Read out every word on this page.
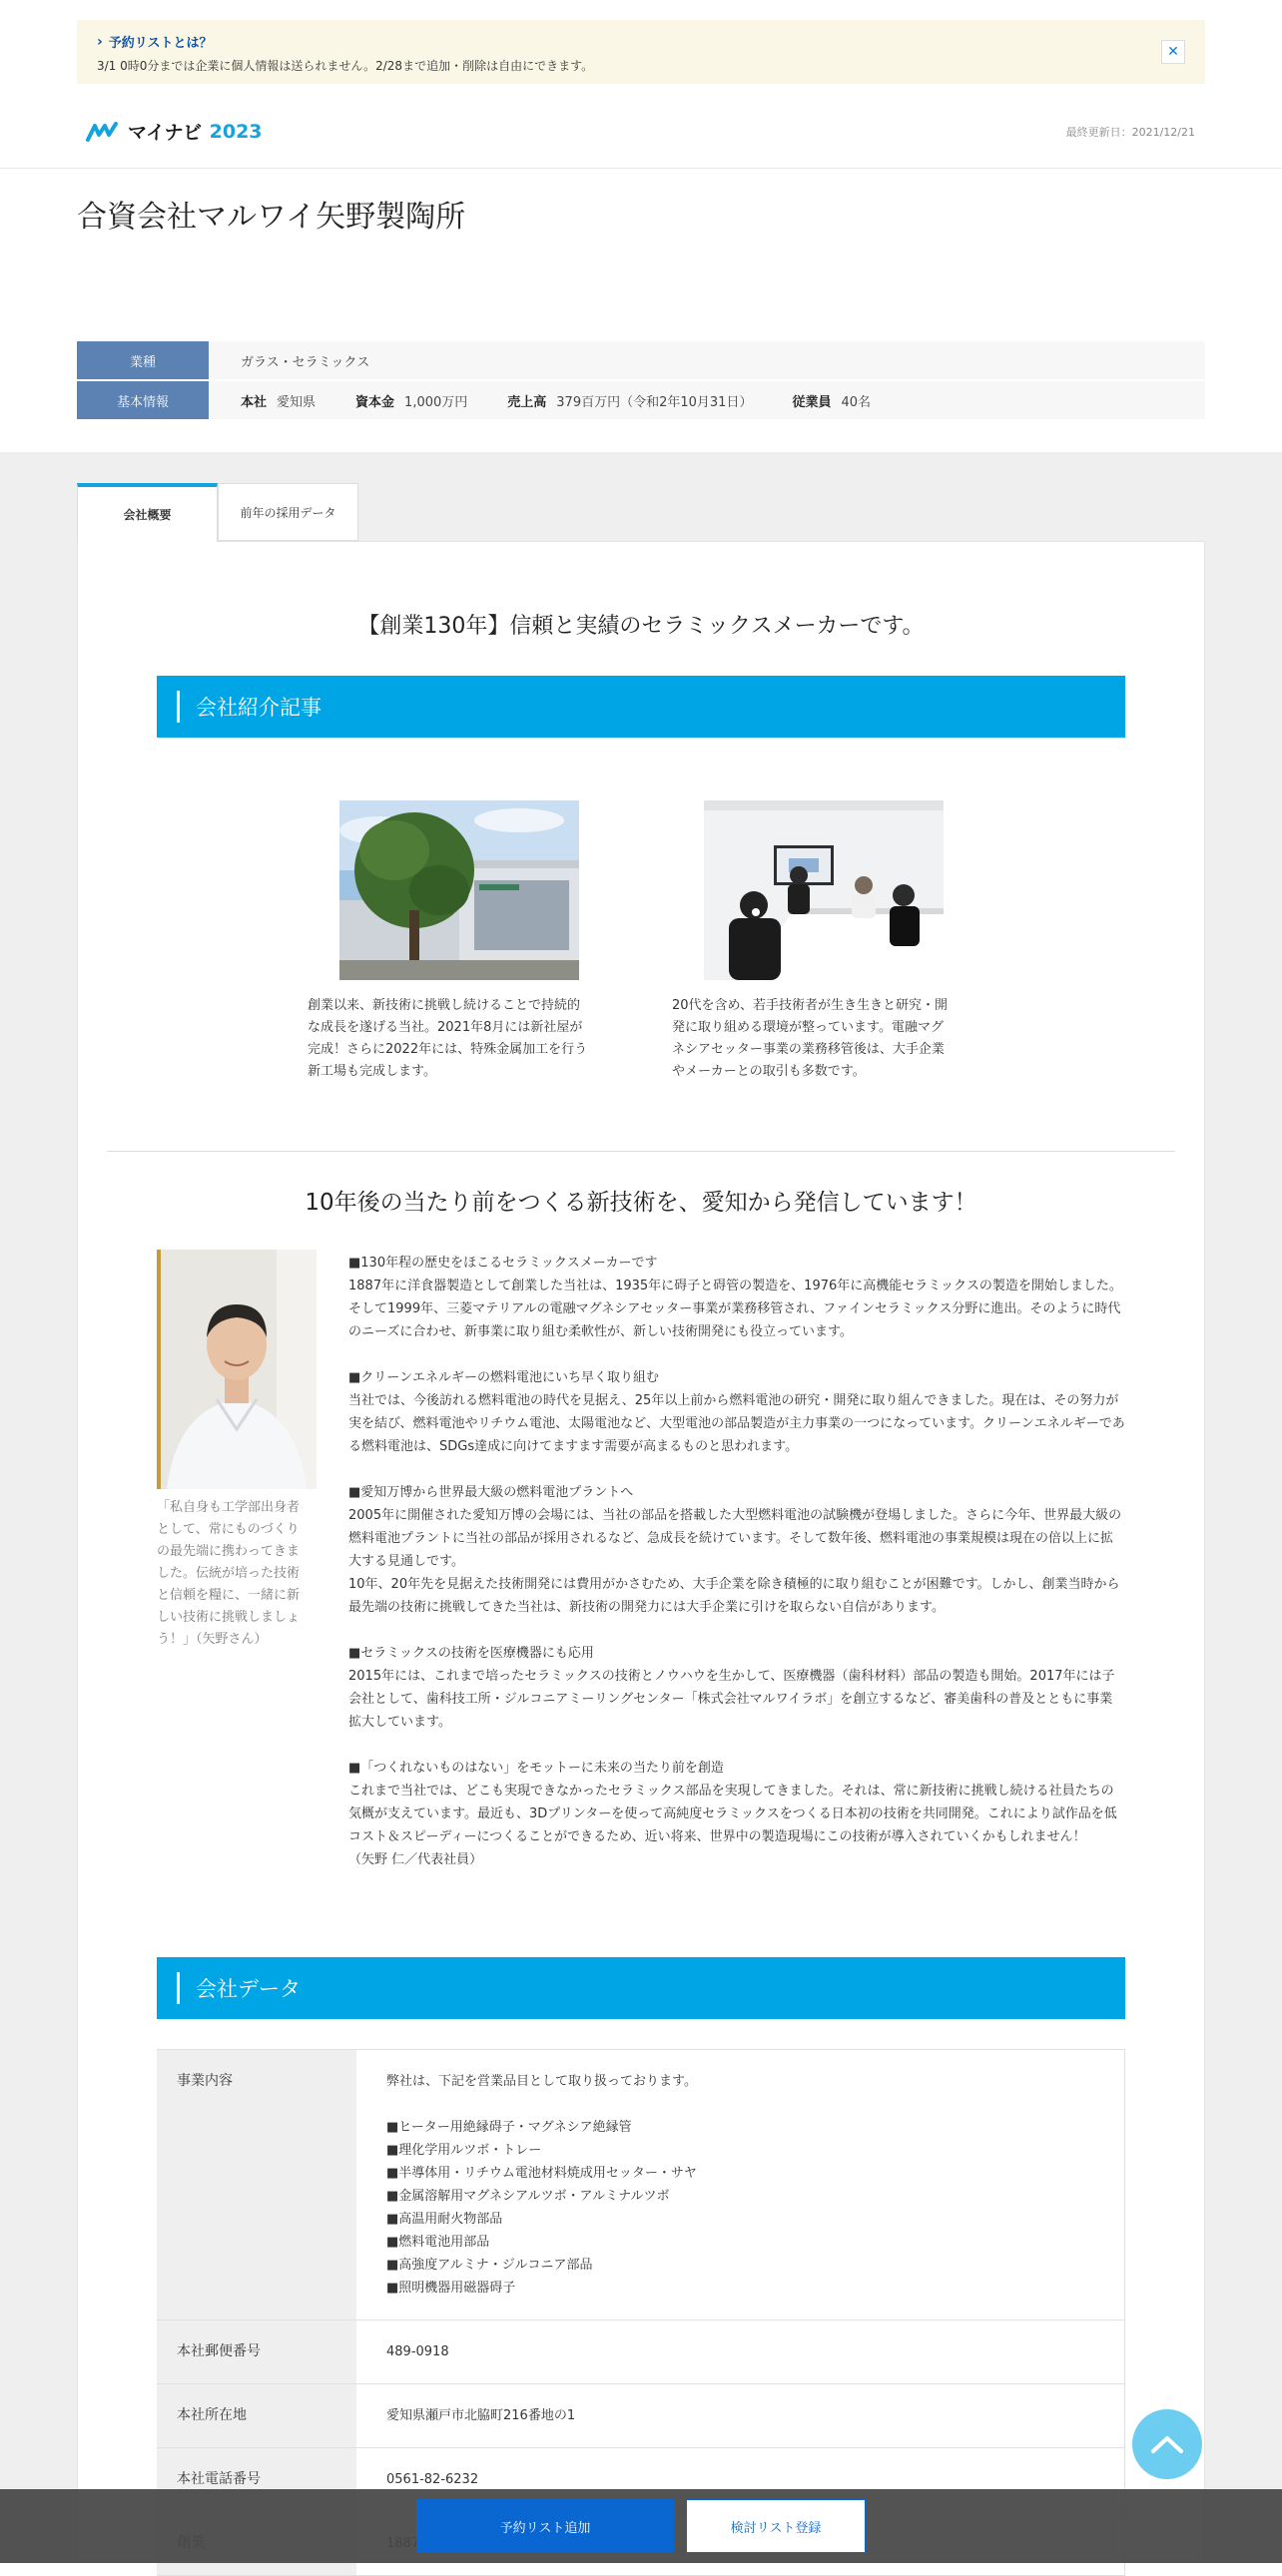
› 予約リストとは？
3/1 0時0分までは企業に個人情報は送られません。2/28まで追加・削除は自由にできます。
✕
マイナビ 2023	最終更新日：2021/12/21
合資会社マルワイ矢野製陶所
業種	ガラス・セラミックス
基本情報	本社 愛知県	資本金 1,000万円	売上高 379百万円（令和2年10月31日）	従業員 40名
会社概要	前年の採用データ
【創業130年】信頼と実績のセラミックスメーカーです。
会社紹介記事
創業以来、新技術に挑戦し続けることで持続的
な成長を遂げる当社。2021年8月には新社屋が
完成！さらに2022年には、特殊金属加工を行う
新工場も完成します。
20代を含め、若手技術者が生き生きと研究・開
発に取り組める環境が整っています。電融マグ
ネシアセッター事業の業務移管後は、大手企業
やメーカーとの取引も多数です。
10年後の当たり前をつくる新技術を、愛知から発信しています！
「私自身も工学部出身者
として、常にものづくり
の最先端に携わってきま
した。伝統が培った技術
と信頼を糧に、一緒に新
しい技術に挑戦しましょ
う！」（矢野さん）

■130年程の歴史をほこるセラミックスメーカーです
1887年に洋食器製造として創業した当社は、1935年に碍子と碍管の製造を、1976年に高機能セラミックスの製造を開始しました。そして1999年、三菱マテリアルの電融マグネシアセッター事業が業務移管され、ファインセラミックス分野に進出。そのように時代のニーズに合わせ、新事業に取り組む柔軟性が、新しい技術開発にも役立っています。

■クリーンエネルギーの燃料電池にいち早く取り組む
当社では、今後訪れる燃料電池の時代を見据え、25年以上前から燃料電池の研究・開発に取り組んできました。現在は、その努力が実を結び、燃料電池やリチウム電池、太陽電池など、大型電池の部品製造が主力事業の一つになっています。クリーンエネルギーである燃料電池は、SDGs達成に向けてますます需要が高まるものと思われます。

■愛知万博から世界最大級の燃料電池プラントへ
2005年に開催された愛知万博の会場には、当社の部品を搭載した大型燃料電池の試験機が登場しました。さらに今年、世界最大級の燃料電池プラントに当社の部品が採用されるなど、急成長を続けています。そして数年後、燃料電池の事業規模は現在の倍以上に拡大する見通しです。
10年、20年先を見据えた技術開発には費用がかさむため、大手企業を除き積極的に取り組むことが困難です。しかし、創業当時から最先端の技術に挑戦してきた当社は、新技術の開発力には大手企業に引けを取らない自信があります。

■セラミックスの技術を医療機器にも応用
2015年には、これまで培ったセラミックスの技術とノウハウを生かして、医療機器（歯科材料）部品の製造も開始。2017年には子会社として、歯科技工所・ジルコニアミーリングセンター「株式会社マルワイラボ」を創立するなど、審美歯科の普及とともに事業拡大しています。

■「つくれないものはない」をモットーに未来の当たり前を創造
これまで当社では、どこも実現できなかったセラミックス部品を実現してきました。それは、常に新技術に挑戦し続ける社員たちの気概が支えています。最近も、3Dプリンターを使って高純度セラミックスをつくる日本初の技術を共同開発。これにより試作品を低コスト＆スピーディーにつくることができるため、近い将来、世界中の製造現場にこの技術が導入されていくかもしれません！
（矢野 仁／代表社員）

会社データ
事業内容	弊社は、下記を営業品目として取り扱っております。

■ヒーター用絶縁碍子・マグネシア絶縁管
■理化学用ルツボ・トレー
■半導体用・リチウム電池材料焼成用セッター・サヤ
■金属溶解用マグネシアルツボ・アルミナルツボ
■高温用耐火物部品
■燃料電池用部品
■高強度アルミナ・ジルコニア部品
■照明機器用磁器碍子
本社郵便番号	489-0918
本社所在地	愛知県瀬戸市北脇町216番地の1
本社電話番号	0561-82-6232
予約リスト追加	検討リスト登録
